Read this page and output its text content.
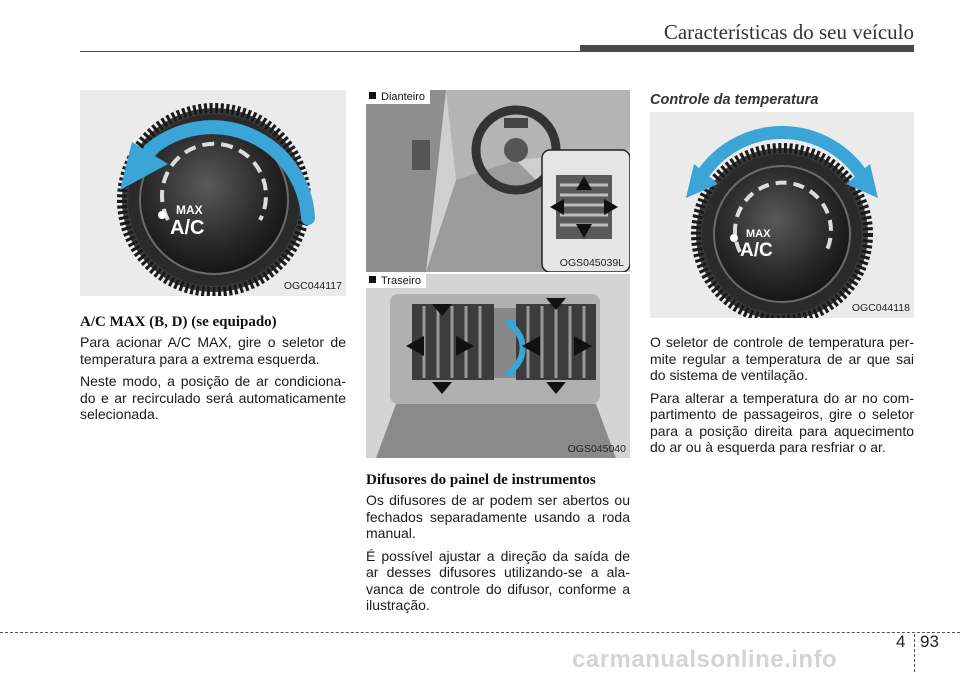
Características do seu veículo
MAX
A/C
OGC044117
A/C MAX (B, D) (se equipado)

Para acionar A/C MAX, gire o seletor de temperatura para a extrema esquerda.

Neste modo, a posição de ar condiciona-do e ar recirculado será automaticamente selecionada.

Dianteiro
OGS045039L
Traseiro
OGS045040
Difusores do painel de instrumentos

Os difusores de ar podem ser abertos ou fechados separadamente usando a roda manual.

É possível ajustar a direção da saída de ar desses difusores utilizando-se a ala-vanca de controle do difusor, conforme a ilustração.

Controle da temperatura
MAX
A/C
OGC044118

O seletor de controle de temperatura per-mite regular a temperatura de ar que sai do sistema de ventilação.

Para alterar a temperatura do ar no com-partimento de passageiros, gire o seletor para a posição direita para aquecimento do ar ou à esquerda para resfriar o ar.

4 93
carmanualsonline.info
